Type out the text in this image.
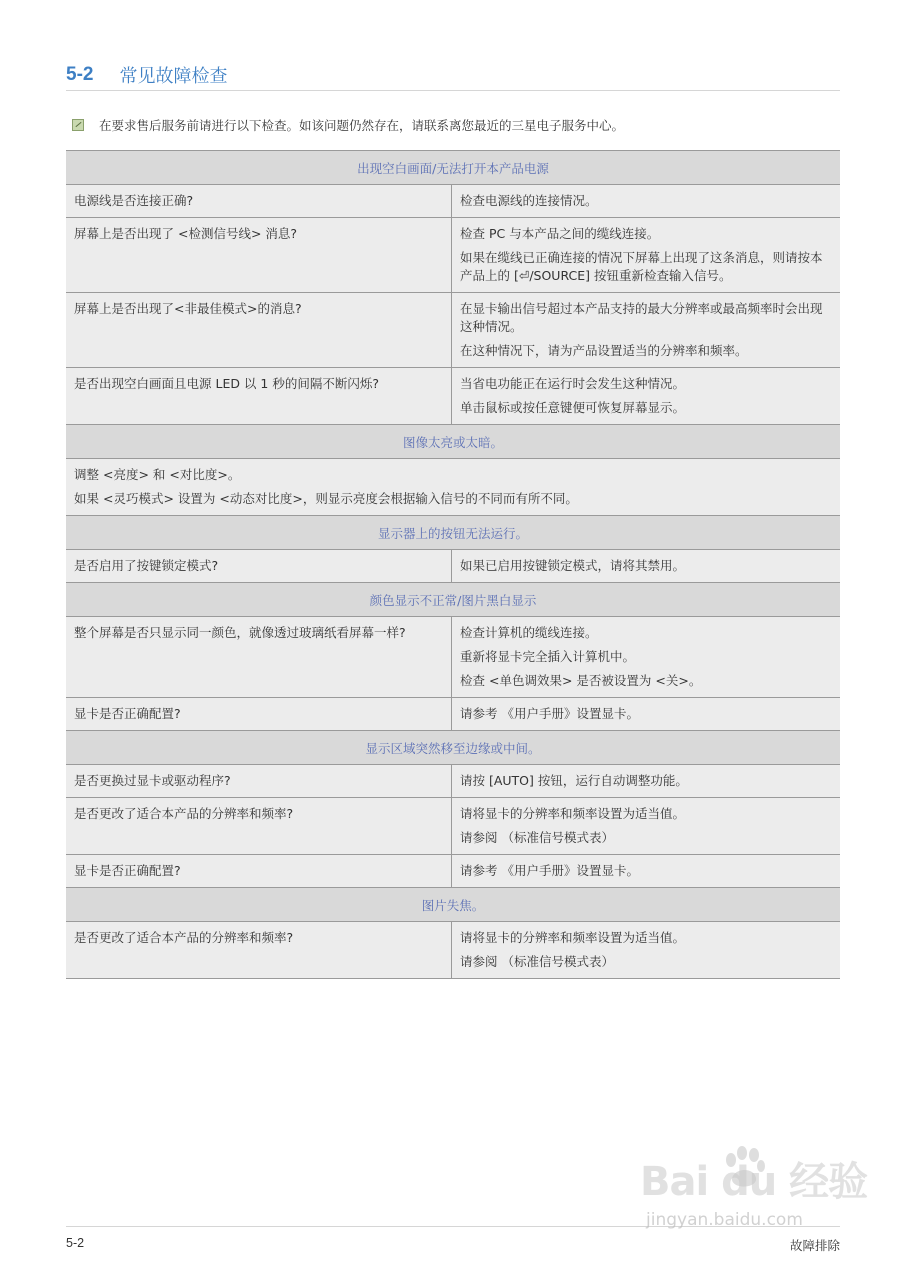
5-2 常见故障检查
在要求售后服务前请进行以下检查。如该问题仍然存在，请联系离您最近的三星电子服务中心。
出现空白画面/无法打开本产品电源
电源线是否连接正确?	检查电源线的连接情况。
屏幕上是否出现了 <检测信号线> 消息?	检查 PC 与本产品之间的缆线连接。
如果在缆线已正确连接的情况下屏幕上出现了这条消息，则请按本产品上的 [⏎/SOURCE] 按钮重新检查输入信号。
屏幕上是否出现了<非最佳模式>的消息?	在显卡输出信号超过本产品支持的最大分辨率或最高频率时会出现这种情况。
在这种情况下，请为产品设置适当的分辨率和频率。
是否出现空白画面且电源 LED 以 1 秒的间隔不断闪烁?	当省电功能正在运行时会发生这种情况。
单击鼠标或按任意键便可恢复屏幕显示。
图像太亮或太暗。
调整 <亮度> 和 <对比度>。
如果 <灵巧模式> 设置为 <动态对比度>，则显示亮度会根据输入信号的不同而有所不同。
显示器上的按钮无法运行。
是否启用了按键锁定模式?	如果已启用按键锁定模式，请将其禁用。
颜色显示不正常/图片黑白显示
整个屏幕是否只显示同一颜色，就像透过玻璃纸看屏幕一样?	检查计算机的缆线连接。
重新将显卡完全插入计算机中。
检查 <单色调效果> 是否被设置为 <关>。
显卡是否正确配置?	请参考 《用户手册》设置显卡。
显示区域突然移至边缘或中间。
是否更换过显卡或驱动程序?	请按 [AUTO] 按钮，运行自动调整功能。
是否更改了适合本产品的分辨率和频率?	请将显卡的分辨率和频率设置为适当值。
请参阅 （标准信号模式表）
显卡是否正确配置?	请参考 《用户手册》设置显卡。
图片失焦。
是否更改了适合本产品的分辨率和频率?	请将显卡的分辨率和频率设置为适当值。
请参阅 （标准信号模式表）
5-2	故障排除
Bai du 经验
jingyan.baidu.com
